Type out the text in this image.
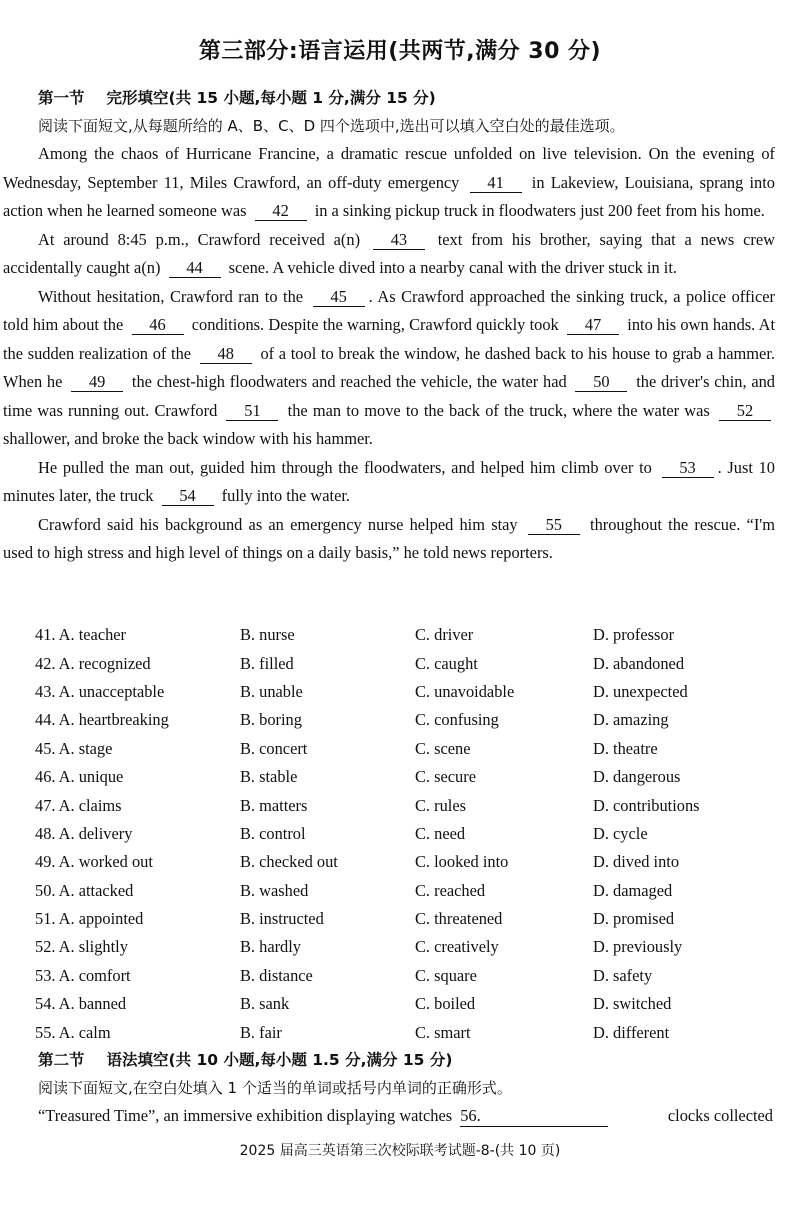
第三部分:语言运用(共两节,满分 30 分)
第一节 完形填空(共 15 小题,每小题 1 分,满分 15 分)
阅读下面短文,从每题所给的 A、B、C、D 四个选项中,选出可以填入空白处的最佳选项。

Among the chaos of Hurricane Francine, a dramatic rescue unfolded on live television. On the evening of Wednesday, September 11, Miles Crawford, an off-duty emergency 41 in Lakeview, Louisiana, sprang into action when he learned someone was 42 in a sinking pickup truck in floodwaters just 200 feet from his home.

At around 8:45 p.m., Crawford received a(n) 43 text from his brother, saying that a news crew accidentally caught a(n) 44 scene. A vehicle dived into a nearby canal with the driver stuck in it.

Without hesitation, Crawford ran to the 45 . As Crawford approached the sinking truck, a police officer told him about the 46 conditions. Despite the warning, Crawford quickly took 47 into his own hands. At the sudden realization of the 48 of a tool to break the window, he dashed back to his house to grab a hammer. When he 49 the chest-high floodwaters and reached the vehicle, the water had 50 the driver's chin, and time was running out. Crawford 51 the man to move to the back of the truck, where the water was 52 shallower, and broke the back window with his hammer.

He pulled the man out, guided him through the floodwaters, and helped him climb over to 53 . Just 10 minutes later, the truck 54 fully into the water.

Crawford said his background as an emergency nurse helped him stay 55 throughout the rescue. “I'm used to high stress and high level of things on a daily basis,” he told news reporters.

41. A. teacher	B. nurse	C. driver	D. professor
42. A. recognized	B. filled	C. caught	D. abandoned
43. A. unacceptable	B. unable	C. unavoidable	D. unexpected
44. A. heartbreaking	B. boring	C. confusing	D. amazing
45. A. stage	B. concert	C. scene	D. theatre
46. A. unique	B. stable	C. secure	D. dangerous
47. A. claims	B. matters	C. rules	D. contributions
48. A. delivery	B. control	C. need	D. cycle
49. A. worked out	B. checked out	C. looked into	D. dived into
50. A. attacked	B. washed	C. reached	D. damaged
51. A. appointed	B. instructed	C. threatened	D. promised
52. A. slightly	B. hardly	C. creatively	D. previously
53. A. comfort	B. distance	C. square	D. safety
54. A. banned	B. sank	C. boiled	D. switched
55. A. calm	B. fair	C. smart	D. different
第二节 语法填空(共 10 小题,每小题 1.5 分,满分 15 分)
阅读下面短文,在空白处填入 1 个适当的单词或括号内单词的正确形式。
“Treasured Time”, an immersive exhibition displaying watches 56.	clocks collected
2025 届高三英语第三次校际联考试题-8-(共 10 页)
